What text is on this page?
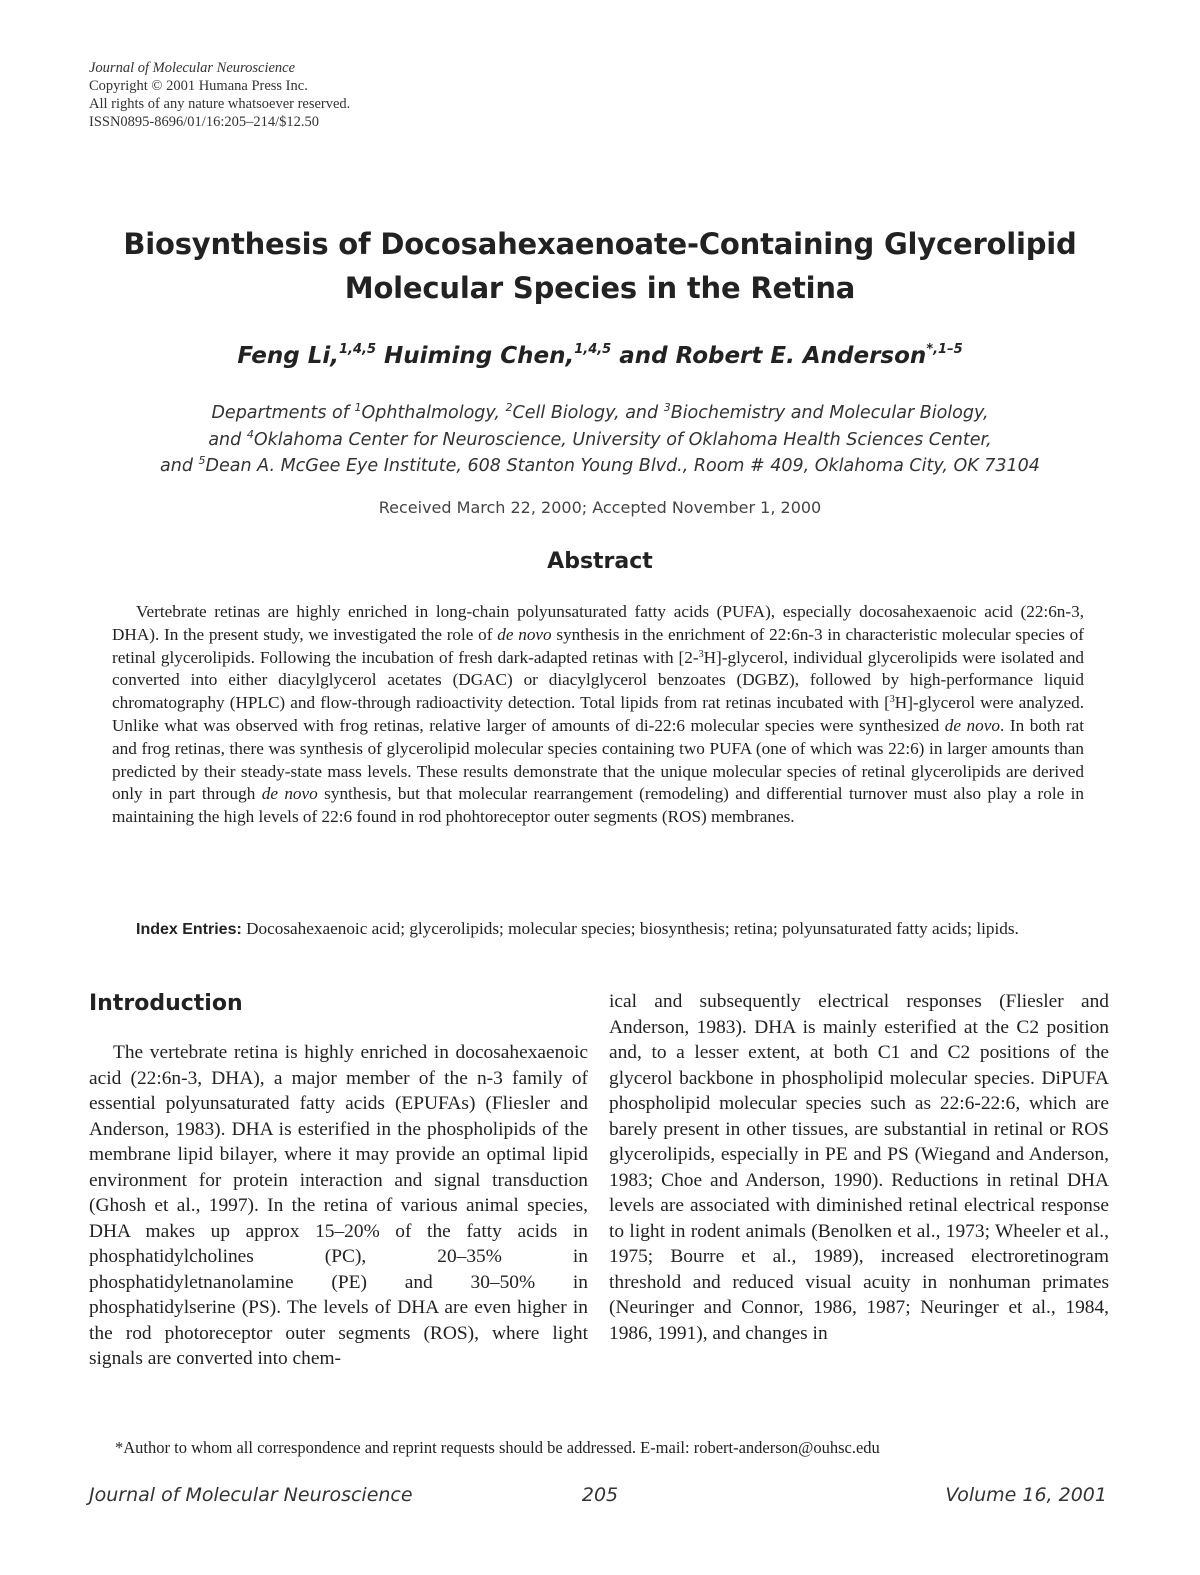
Journal of Molecular Neuroscience
Copyright © 2001 Humana Press Inc.
All rights of any nature whatsoever reserved.
ISSN0895-8696/01/16:205–214/$12.50
Biosynthesis of Docosahexaenoate-Containing Glycerolipid
Molecular Species in the Retina
Feng Li,$^{1,4,5}$ Huiming Chen,$^{1,4,5}$ and Robert E. Anderson$^{*,1-5}$
Departments of $^1$Ophthalmology, $^2$Cell Biology, and $^3$Biochemistry and Molecular Biology,
and $^4$Oklahoma Center for Neuroscience, University of Oklahoma Health Sciences Center,
and $^5$Dean A. McGee Eye Institute, 608 Stanton Young Blvd., Room # 409, Oklahoma City, OK 73104
Received March 22, 2000; Accepted November 1, 2000
Abstract

Vertebrate retinas are highly enriched in long-chain polyunsaturated fatty acids (PUFA), especially docosahexaenoic acid (22:6n-3, DHA). In the present study, we investigated the role of de novo synthesis in the enrichment of 22:6n-3 in characteristic molecular species of retinal glycerolipids. Following the incubation of fresh dark-adapted retinas with [2-$^3$H]-glycerol, individual glycerolipids were isolated and converted into either diacylglycerol acetates (DGAC) or diacylglycerol benzoates (DGBZ), followed by high-performance liquid chromatography (HPLC) and flow-through radioactivity detection. Total lipids from rat retinas incubated with [$^3$H]-glycerol were analyzed. Unlike what was observed with frog retinas, relative larger of amounts of di-22:6 molecular species were synthesized de novo. In both rat and frog retinas, there was synthesis of glycerolipid molecular species containing two PUFA (one of which was 22:6) in larger amounts than predicted by their steady-state mass levels. These results demonstrate that the unique molecular species of retinal glycerolipids are derived only in part through de novo synthesis, but that molecular rearrangement (remodeling) and differential turnover must also play a role in maintaining the high levels of 22:6 found in rod phohtoreceptor outer segments (ROS) membranes.

Index Entries: Docosahexaenoic acid; glycerolipids; molecular species; biosynthesis; retina; polyunsaturated fatty acids; lipids.

Introduction

The vertebrate retina is highly enriched in docosahexaenoic acid (22:6n-3, DHA), a major member of the n-3 family of essential polyunsaturated fatty acids (EPUFAs) (Fliesler and Anderson, 1983). DHA is esterified in the phospholipids of the membrane lipid bilayer, where it may provide an optimal lipid environment for protein interaction and signal transduction (Ghosh et al., 1997). In the retina of various animal species, DHA makes up approx 15–20% of the fatty acids in phosphatidylcholines (PC), 20–35% in phosphatidyletnanolamine (PE) and 30–50% in phosphatidylserine (PS). The levels of DHA are even higher in the rod photoreceptor outer segments (ROS), where light signals are converted into chem-

ical and subsequently electrical responses (Fliesler and Anderson, 1983). DHA is mainly esterified at the C2 position and, to a lesser extent, at both C1 and C2 positions of the glycerol backbone in phospholipid molecular species. DiPUFA phospholipid molecular species such as 22:6-22:6, which are barely present in other tissues, are substantial in retinal or ROS glycerolipids, especially in PE and PS (Wiegand and Anderson, 1983; Choe and Anderson, 1990). Reductions in retinal DHA levels are associated with diminished retinal electrical response to light in rodent animals (Benolken et al., 1973; Wheeler et al., 1975; Bourre et al., 1989), increased electroretinogram threshold and reduced visual acuity in nonhuman primates (Neuringer and Connor, 1986, 1987; Neuringer et al., 1984, 1986, 1991), and changes in

*Author to whom all correspondence and reprint requests should be addressed. E-mail: robert-anderson@ouhsc.edu
Journal of Molecular Neuroscience	205	Volume 16, 2001
